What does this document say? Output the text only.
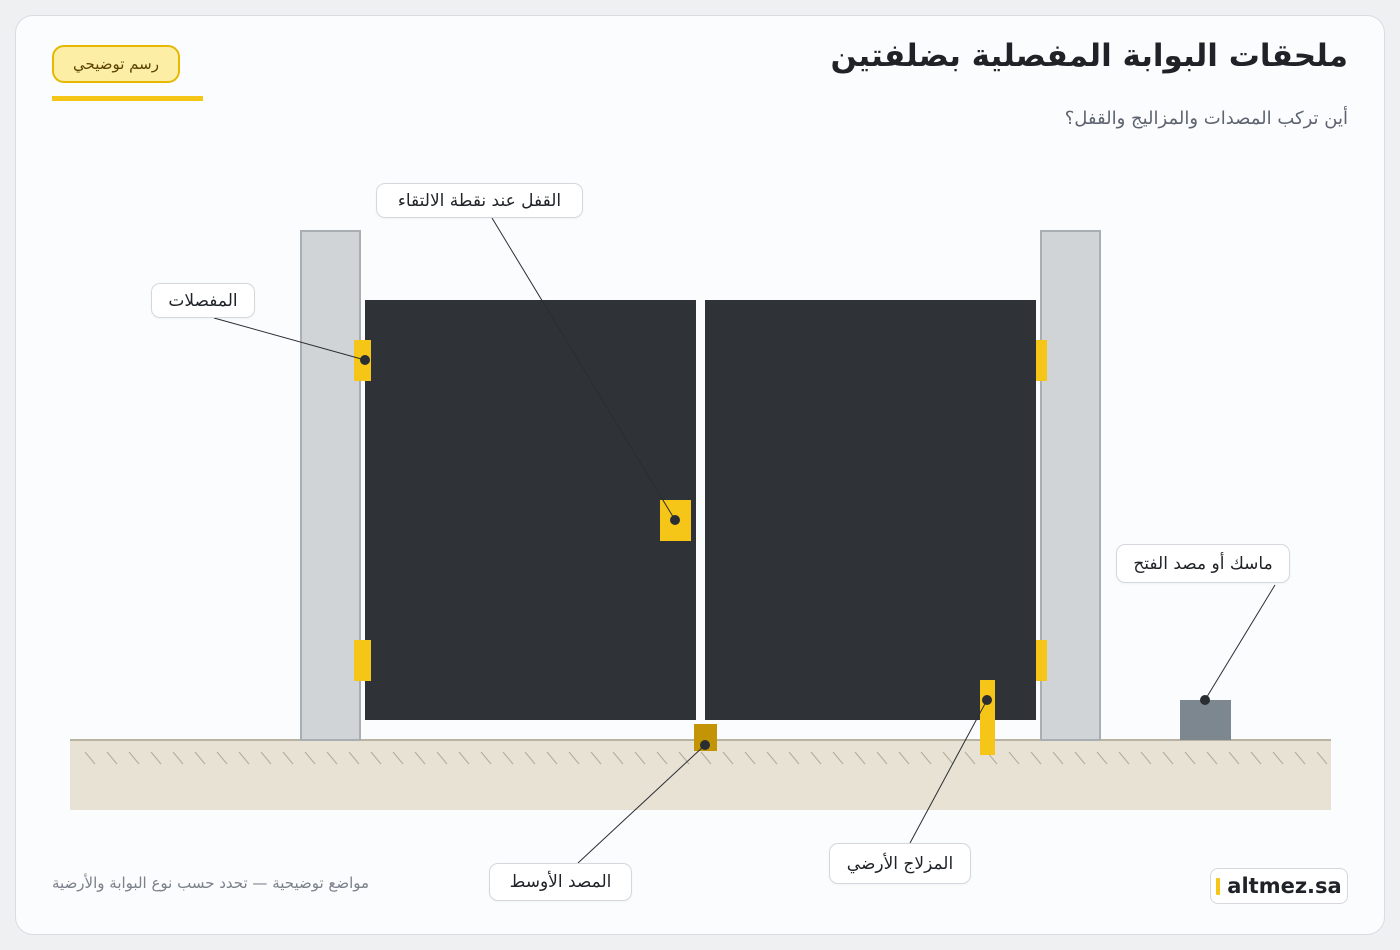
ملحقات البوابة المفصلية بضلفتين
أين تركب المصدات والمزاليج والقفل؟
رسم توضيحي
القفل عند نقطة الالتقاء
المفصلات
ماسك أو مصد الفتح
المصد الأوسط
المزلاج الأرضي
مواضع توضيحية — تحدد حسب نوع البوابة والأرضية	altmez.sa
